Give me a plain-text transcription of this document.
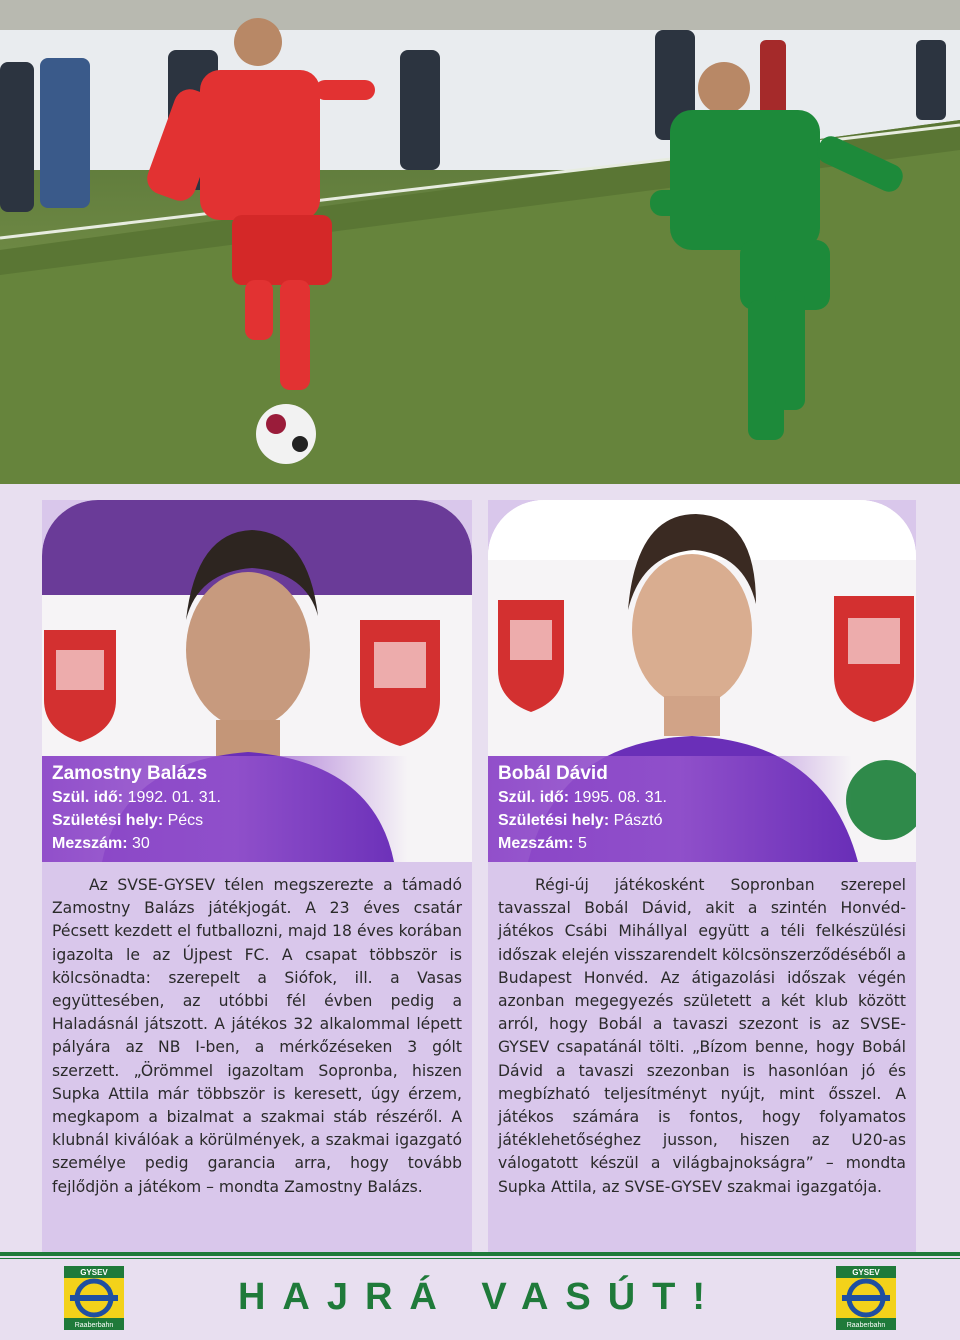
Zamostny Balázs
Szül. idő: 1992. 01. 31.
Születési hely: Pécs
Mezszám: 30

Az SVSE-GYSEV télen megszerezte a támadó Zamostny Balázs játékjogát. A 23 éves csatár Pécsett kezdett el futballozni, majd 18 éves korában igazolta le az Újpest FC. A csapat többször is kölcsönadta: szerepelt a Siófok, ill. a Vasas együttesében, az utóbbi fél évben pedig a Haladásnál játszott. A játékos 32 alkalommal lépett pályára az NB I-ben, a mérkőzéseken 3 gólt szerzett. „Örömmel igazoltam Sopronba, hiszen Supka Attila már többször is keresett, úgy érzem, megkapom a bizalmat a szakmai stáb részéről. A klubnál kiválóak a körülmények, a szakmai igazgató személye pedig garancia arra, hogy tovább fejlődjön a játékom – mondta Zamostny Balázs.

Bobál Dávid
Szül. idő: 1995. 08. 31.
Születési hely: Pásztó
Mezszám: 5

Régi-új játékosként Sopronban szerepel tavasszal Bobál Dávid, akit a szintén Honvéd-játékos Csábi Mihállyal együtt a téli felkészülési időszak elején visszarendelt kölcsönszerződéséből a Budapest Honvéd. Az átigazolási időszak végén azonban megegyezés született a két klub között arról, hogy Bobál a tavaszi szezont is az SVSE-GYSEV csapatánál tölti. „Bízom benne, hogy Bobál Dávid a tavaszi szezonban is hasonlóan jó és megbízható teljesítményt nyújt, mint ősszel. A játékos számára is fontos, hogy folyamatos játéklehetőséghez jusson, hiszen az U20-as válogatott készül a világbajnokságra” – mondta Supka Attila, az SVSE-GYSEV szakmai igazgatója.

GYSEV
Raaberbahn
HAJRÁ VASÚT!
GYSEV
Raaberbahn
